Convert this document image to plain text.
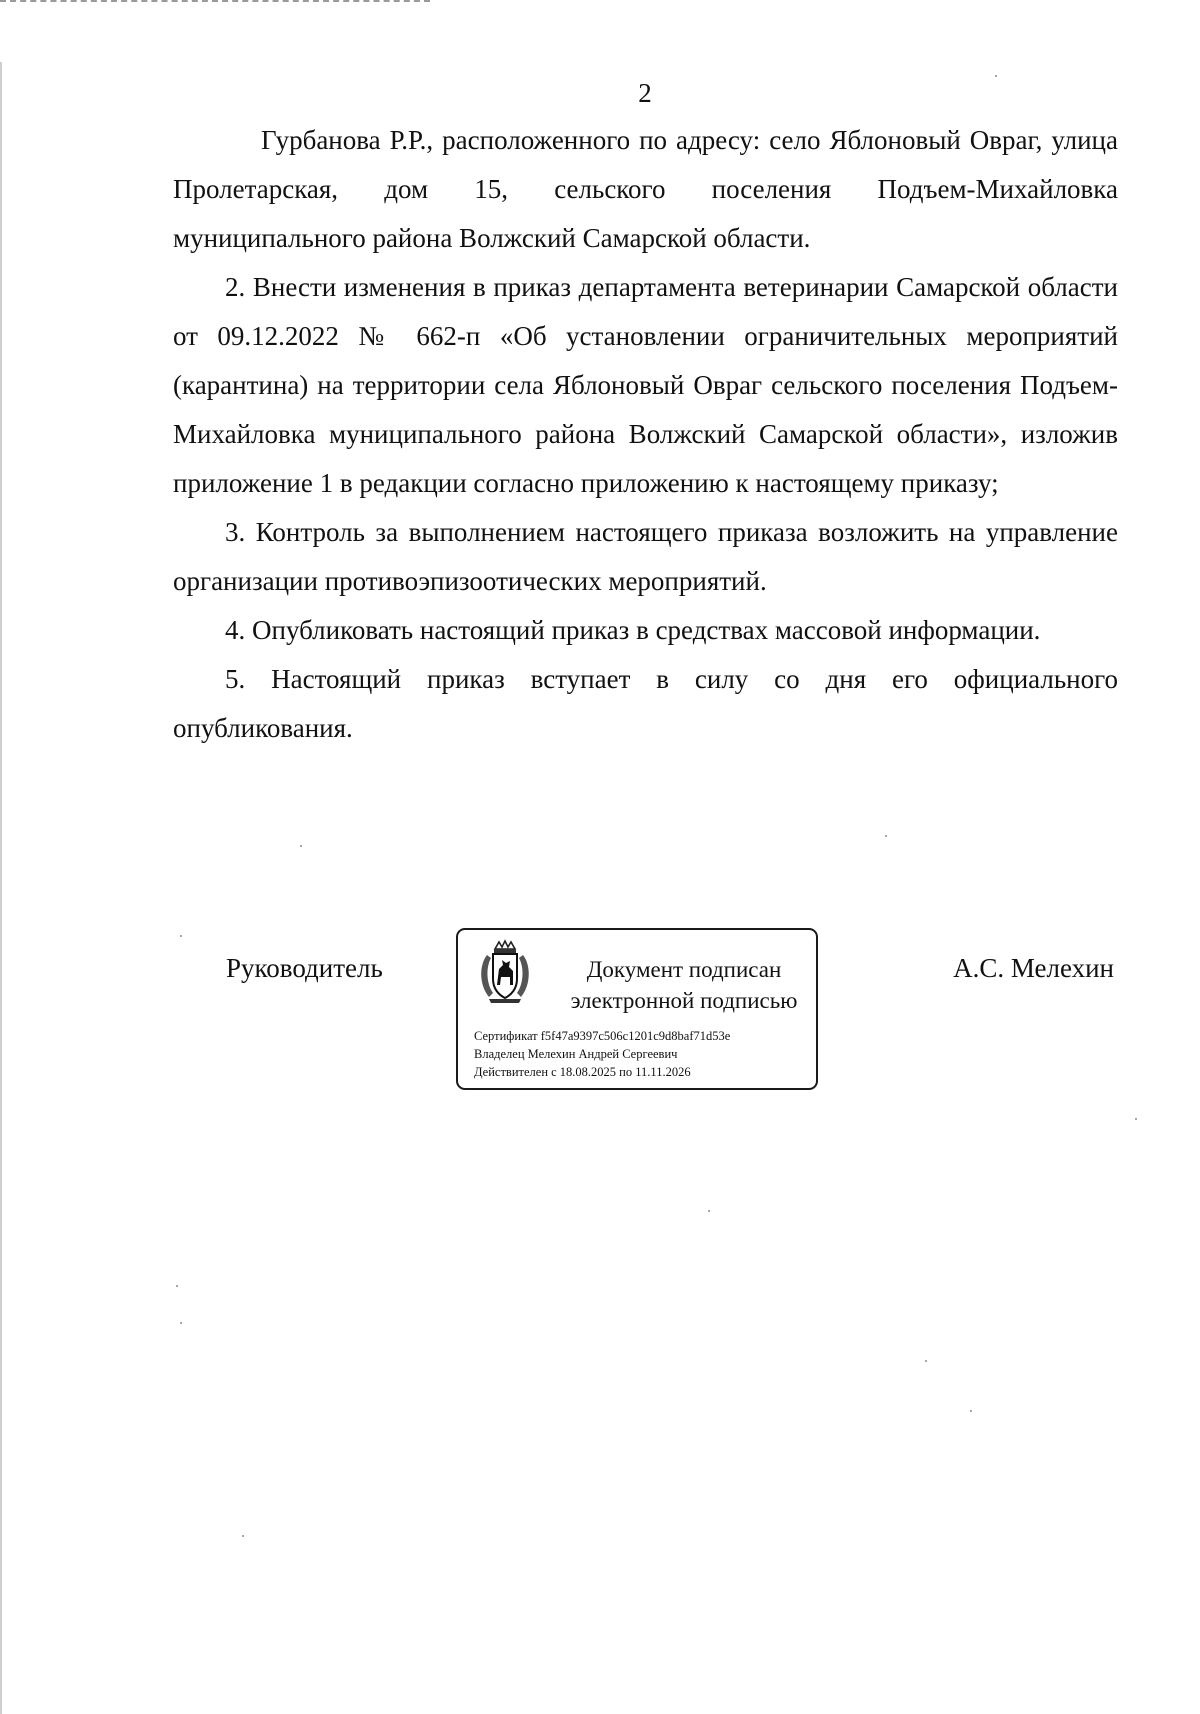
2

Гурбанова Р.Р., расположенного по адресу: село Яблоновый Овраг, улица Пролетарская, дом 15, сельского поселения Подъем-Михайловка муниципального района Волжский Самарской области.

2. Внести изменения в приказ департамента ветеринарии Самарской области от 09.12.2022 № 662-п «Об установлении ограничительных мероприятий (карантина) на территории села Яблоновый Овраг сельского поселения Подъем-Михайловка муниципального района Волжский Самарской области», изложив приложение 1 в редакции согласно приложению к настоящему приказу;

3. Контроль за выполнением настоящего приказа возложить на управление организации противоэпизоотических мероприятий.

4. Опубликовать настоящий приказ в средствах массовой информации.

5. Настоящий приказ вступает в силу со дня его официального опубликования.

Руководитель	Документ подписан
электронной подписью
Сертификат f5f47a9397c506c1201c9d8baf71d53e
Владелец Мелехин Андрей Сергеевич
Действителен с 18.08.2025 по 11.11.2026
А.С. Мелехин
